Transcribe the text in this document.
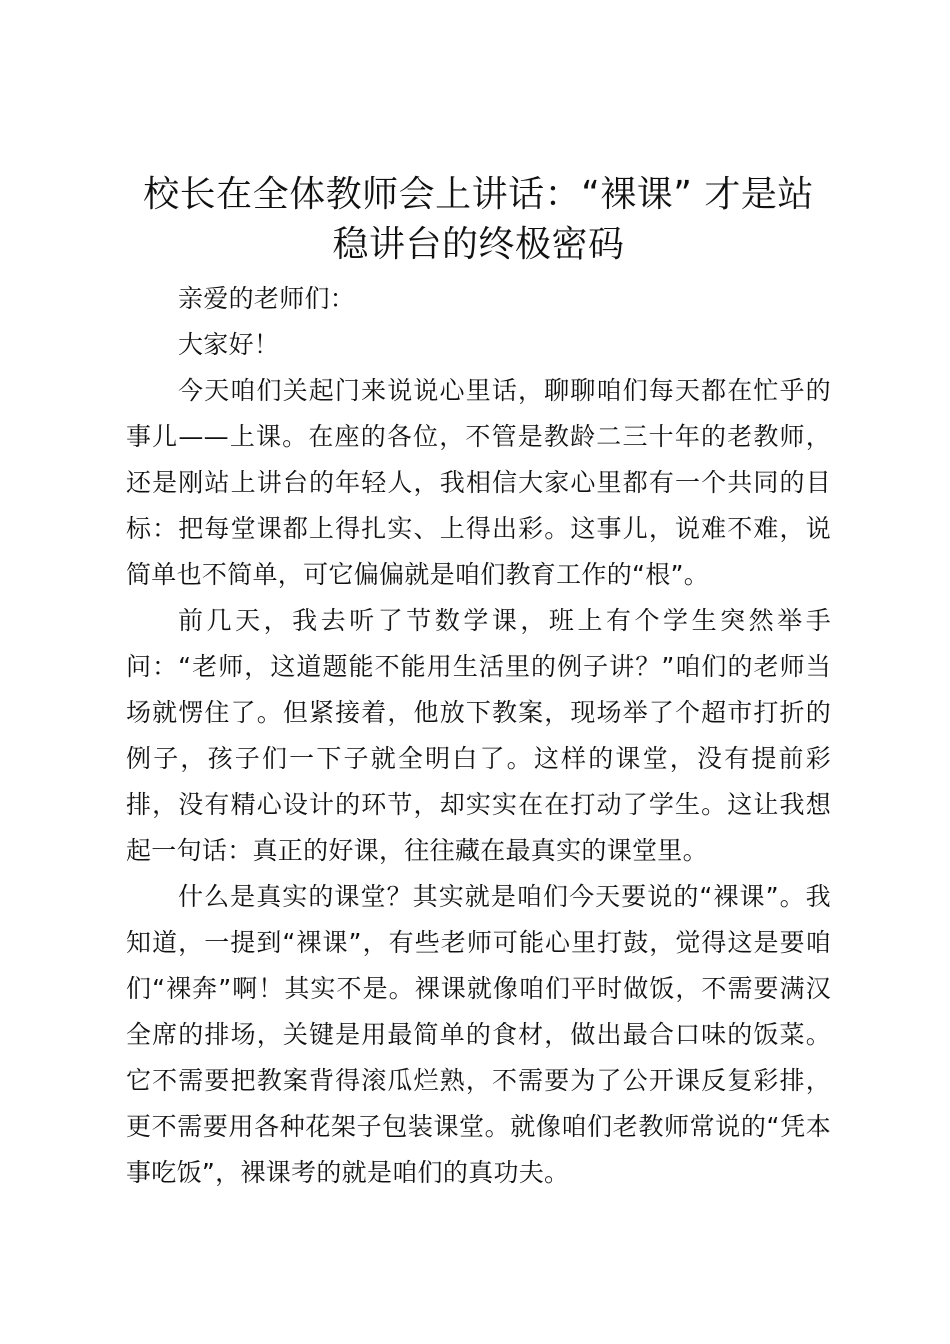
校长在全体教师会上讲话：“裸课” 才是站稳讲台的终极密码

亲爱的老师们：

大家好！

今天咱们关起门来说说心里话，聊聊咱们每天都在忙乎的事儿——上课。在座的各位，不管是教龄二三十年的老教师，还是刚站上讲台的年轻人，我相信大家心里都有一个共同的目标：把每堂课都上得扎实、上得出彩。这事儿，说难不难，说简单也不简单，可它偏偏就是咱们教育工作的“根”。

前几天，我去听了节数学课，班上有个学生突然举手问：“老师，这道题能不能用生活里的例子讲？”咱们的老师当场就愣住了。但紧接着，他放下教案，现场举了个超市打折的例子，孩子们一下子就全明白了。这样的课堂，没有提前彩排，没有精心设计的环节，却实实在在打动了学生。这让我想起一句话：真正的好课，往往藏在最真实的课堂里。

什么是真实的课堂？其实就是咱们今天要说的“裸课”。我知道，一提到“裸课”，有些老师可能心里打鼓，觉得这是要咱们“裸奔”啊！其实不是。裸课就像咱们平时做饭，不需要满汉全席的排场，关键是用最简单的食材，做出最合口味的饭菜。它不需要把教案背得滚瓜烂熟，不需要为了公开课反复彩排，更不需要用各种花架子包装课堂。就像咱们老教师常说的“凭本事吃饭”，裸课考的就是咱们的真功夫。
